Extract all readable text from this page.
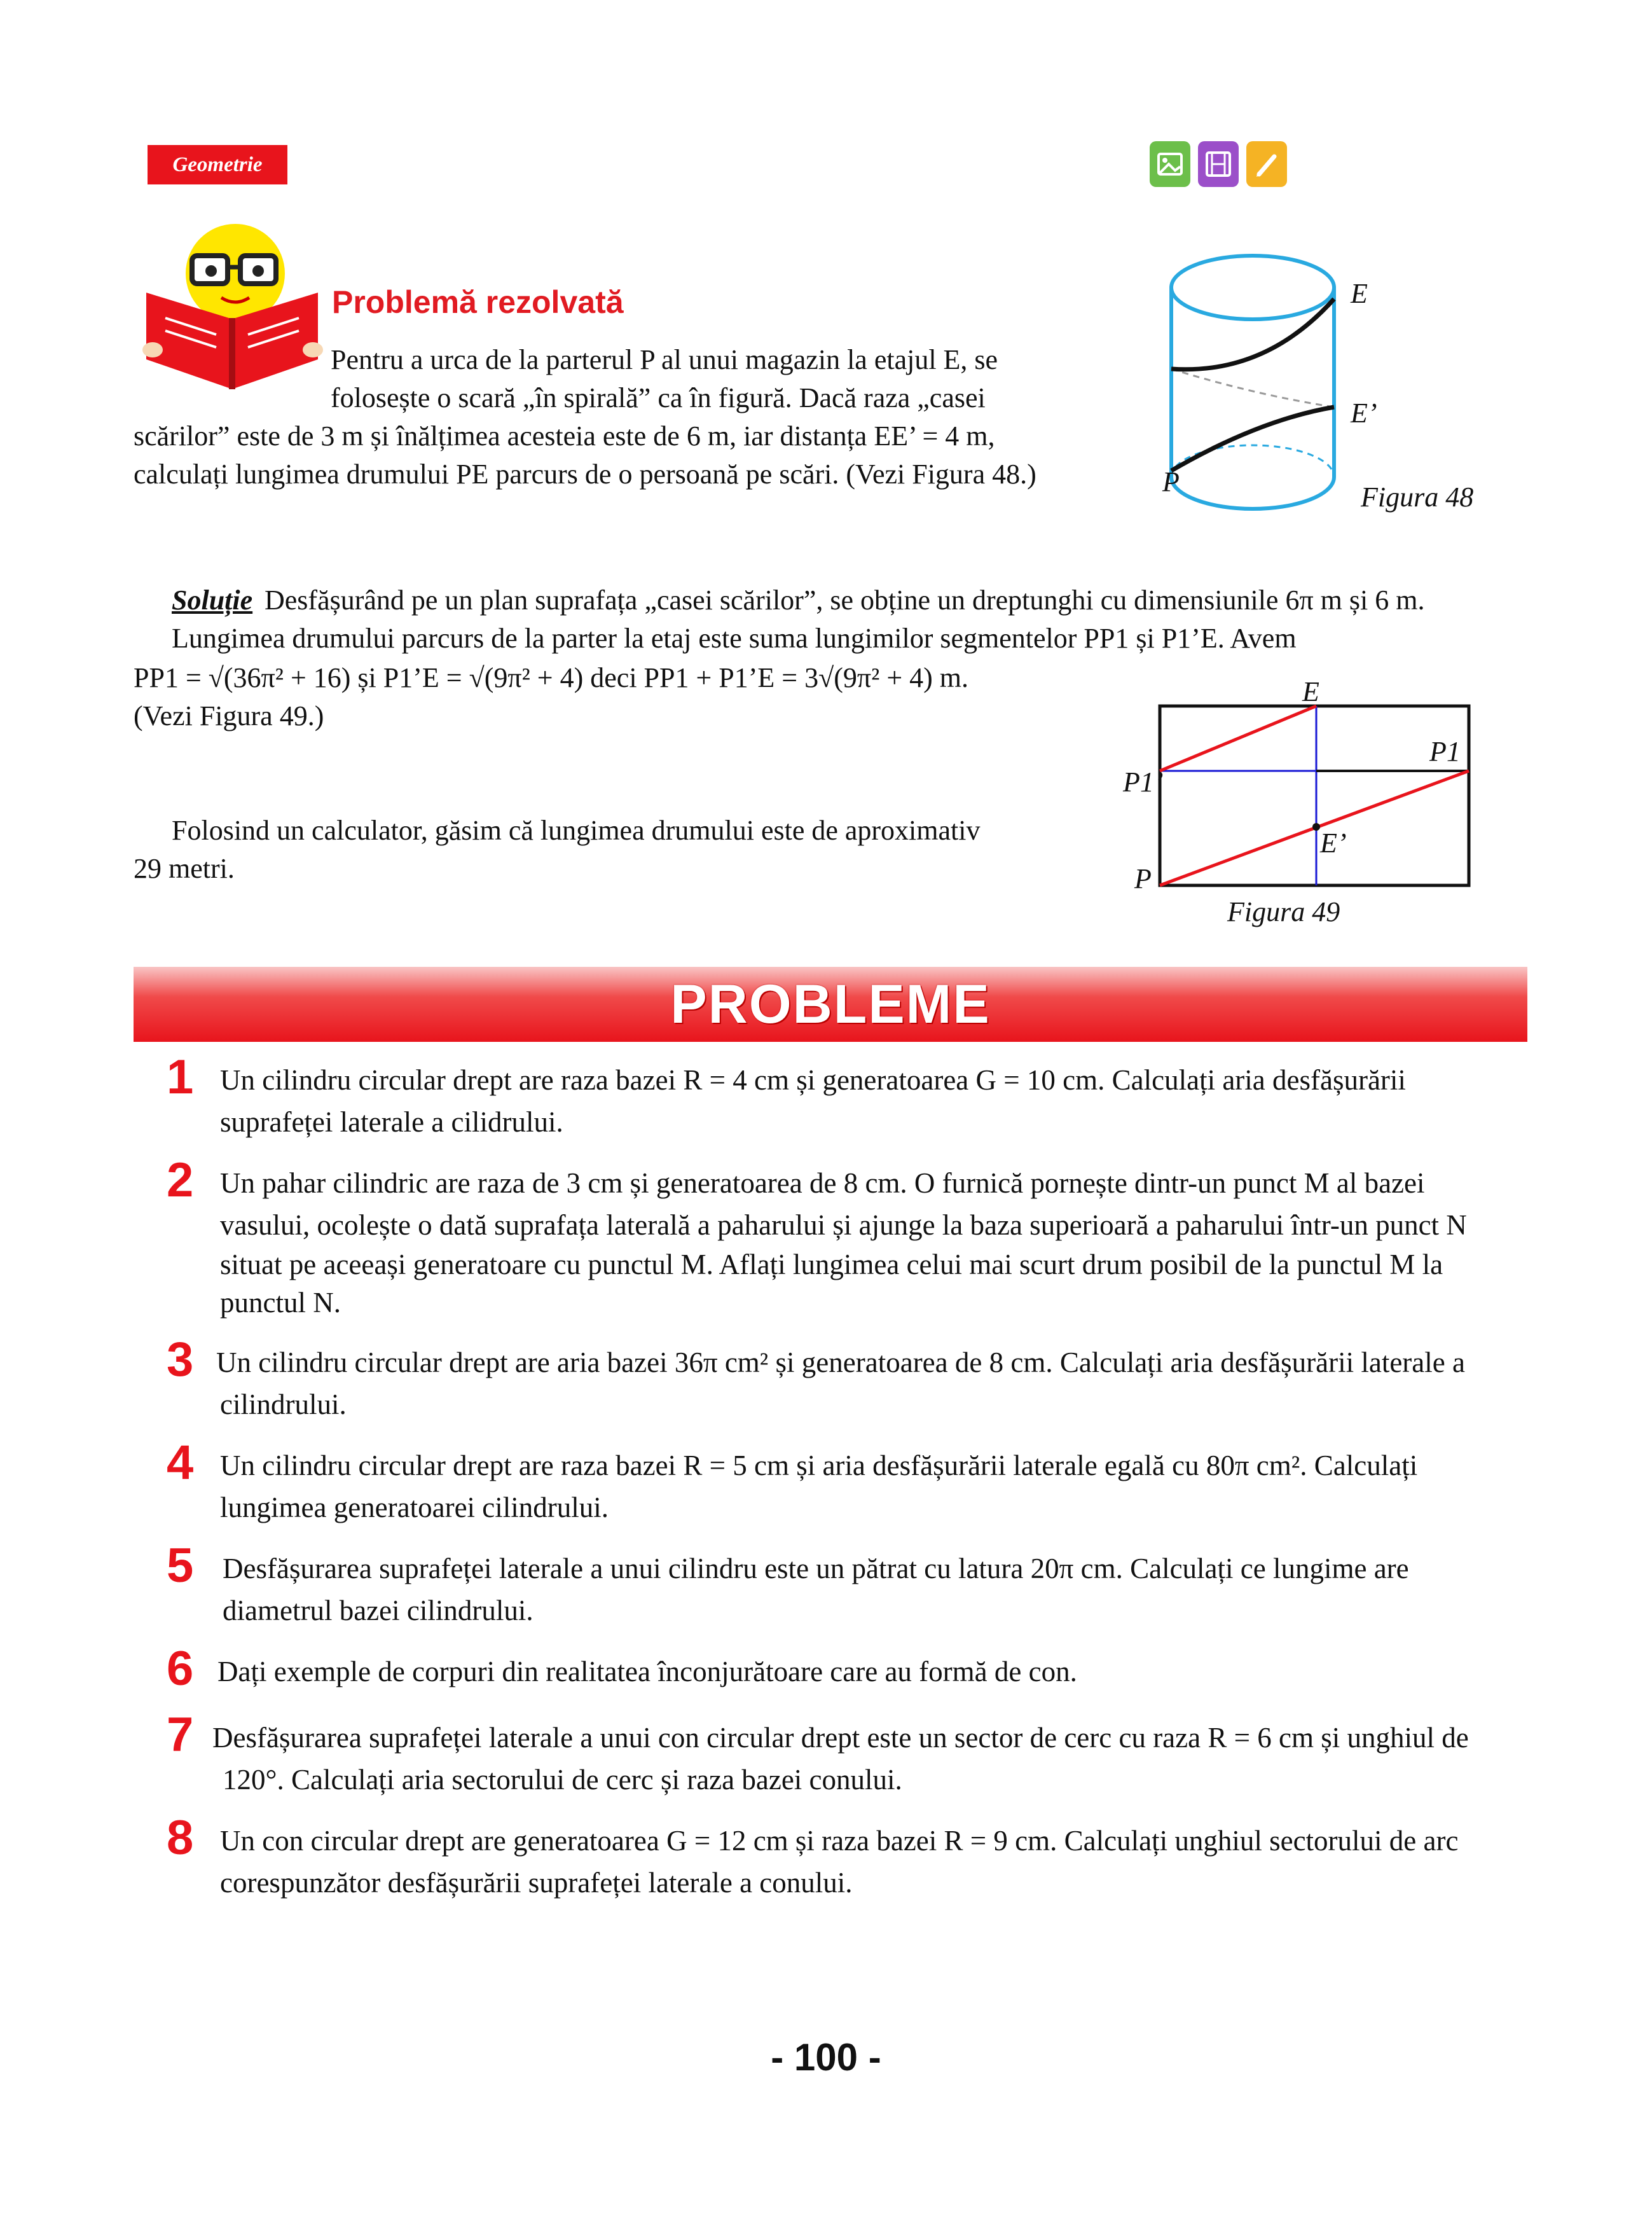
Geometrie
Problemă rezolvată
Pentru a urca de la parterul P al unui magazin la etajul E, se
folosește o scară „în spirală” ca în figură. Dacă raza „casei
scărilor” este de 3 m și înălțimea acesteia este de 6 m, iar distanța EE’ = 4 m,
calculați lungimea drumului PE parcurs de o persoană pe scări. (Vezi Figura 48.)
E
E’
P	Figura 48
Soluție Desfășurând pe un plan suprafața „casei scărilor”, se obține un dreptunghi cu dimensiunile 6π m și 6 m.
Lungimea drumului parcurs de la parter la etaj este suma lungimilor segmentelor PP1 și P1’E. Avem
PP1 = √(36π² + 16) și P1’E = √(9π² + 4) deci PP1 + P1’E = 3√(9π² + 4) m.
(Vezi Figura 49.)
Folosind un calculator, găsim că lungimea drumului este de aproximativ
29 metri.
E
P1
P1’
E’
P
Figura 49
PROBLEME
1 Un cilindru circular drept are raza bazei R = 4 cm și generatoarea G = 10 cm. Calculați aria desfășurării
suprafeței laterale a cilidrului.
2 Un pahar cilindric are raza de 3 cm și generatoarea de 8 cm. O furnică pornește dintr-un punct M al bazei
vasului, ocolește o dată suprafața laterală a paharului și ajunge la baza superioară a paharului într-un punct N
situat pe aceeași generatoare cu punctul M. Aflați lungimea celui mai scurt drum posibil de la punctul M la
punctul N.
3 Un cilindru circular drept are aria bazei 36π cm² și generatoarea de 8 cm. Calculați aria desfășurării laterale a
cilindrului.
4 Un cilindru circular drept are raza bazei R = 5 cm și aria desfășurării laterale egală cu 80π cm². Calculați
lungimea generatoarei cilindrului.
5 Desfășurarea suprafeței laterale a unui cilindru este un pătrat cu latura 20π cm. Calculați ce lungime are
diametrul bazei cilindrului.
6 Dați exemple de corpuri din realitatea înconjurătoare care au formă de con.
7 Desfășurarea suprafeței laterale a unui con circular drept este un sector de cerc cu raza R = 6 cm și unghiul de
120°. Calculați aria sectorului de cerc și raza bazei conului.
8 Un con circular drept are generatoarea G = 12 cm și raza bazei R = 9 cm. Calculați unghiul sectorului de arc
corespunzător desfășurării suprafeței laterale a conului.
- 100 -
